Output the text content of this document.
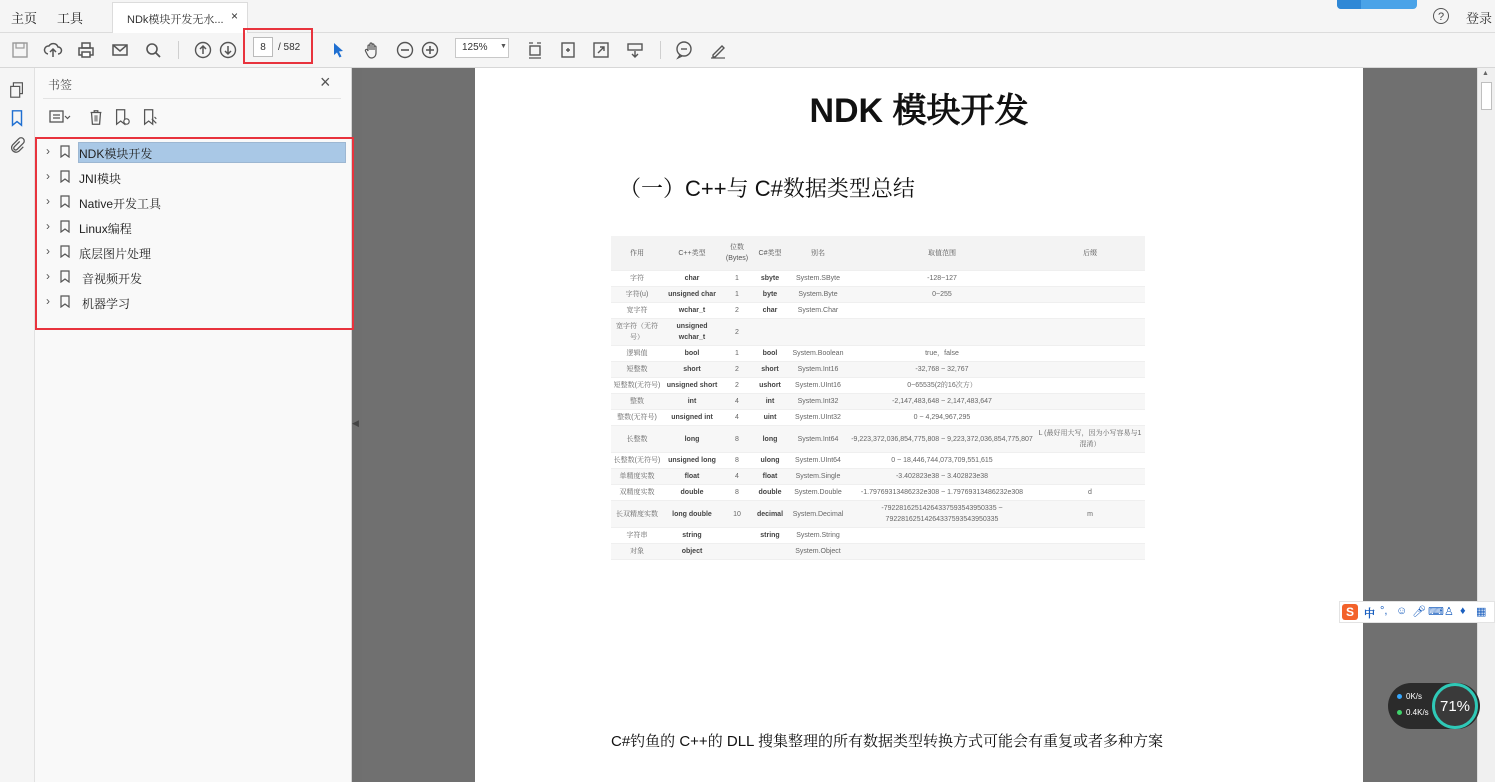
主页 工具	NDk模块开发无水... ×	?	登录
8	/ 582	125% ▼
书签	×
› NDK模块开发
› JNI模块
› Native开发工具
› Linux编程
› 底层图片处理
›	音视频开发
›	机器学习
◀
NDK 模块开发
（一）C++与 C#数据类型总结
作用	C++类型	位数(Bytes)	C#类型	别名	取值范围	后缀
字符	char	1	sbyte	System.SByte	-128~127	
字符(u)	unsigned char	1	byte	System.Byte	0~255	
宽字符	wchar_t	2	char	System.Char		
宽字符（无符号）	unsigned wchar_t	2				
逻辑值	bool	1	bool	System.Boolean	true，false	
短整数	short	2	short	System.Int16	-32,768 ~ 32,767	
短整数(无符号)	unsigned short	2	ushort	System.UInt16	0~65535(2的16次方）	
整数	int	4	int	System.Int32	-2,147,483,648 ~ 2,147,483,647	
整数(无符号)	unsigned int	4	uint	System.UInt32	0 ~ 4,294,967,295	
长整数	long	8	long	System.Int64	-9,223,372,036,854,775,808 ~ 9,223,372,036,854,775,807	L (最好用大写，因为小写容易与1混淆）
长整数(无符号)	unsigned long	8	ulong	System.UInt64	0 ~ 18,446,744,073,709,551,615	
单精度实数	float	4	float	System.Single	-3.402823e38 ~ 3.402823e38	
双精度实数	double	8	double	System.Double	-1.79769313486232e308 ~ 1.79769313486232e308	d
长双精度实数	long double	10	decimal	System.Decimal	-79228162514264337593543950335 ~ 79228162514264337593543950335	m
字符串	string		string	System.String		
对象	object			System.Object		
C#钓鱼的 C++的 DLL 搜集整理的所有数据类型转换方式可能会有重复或者多种方案
▲
S 中 °, ☺ 🎤︎ ⌨ ♙ ♦ ▦
0K/s
0.4K/s 71%
